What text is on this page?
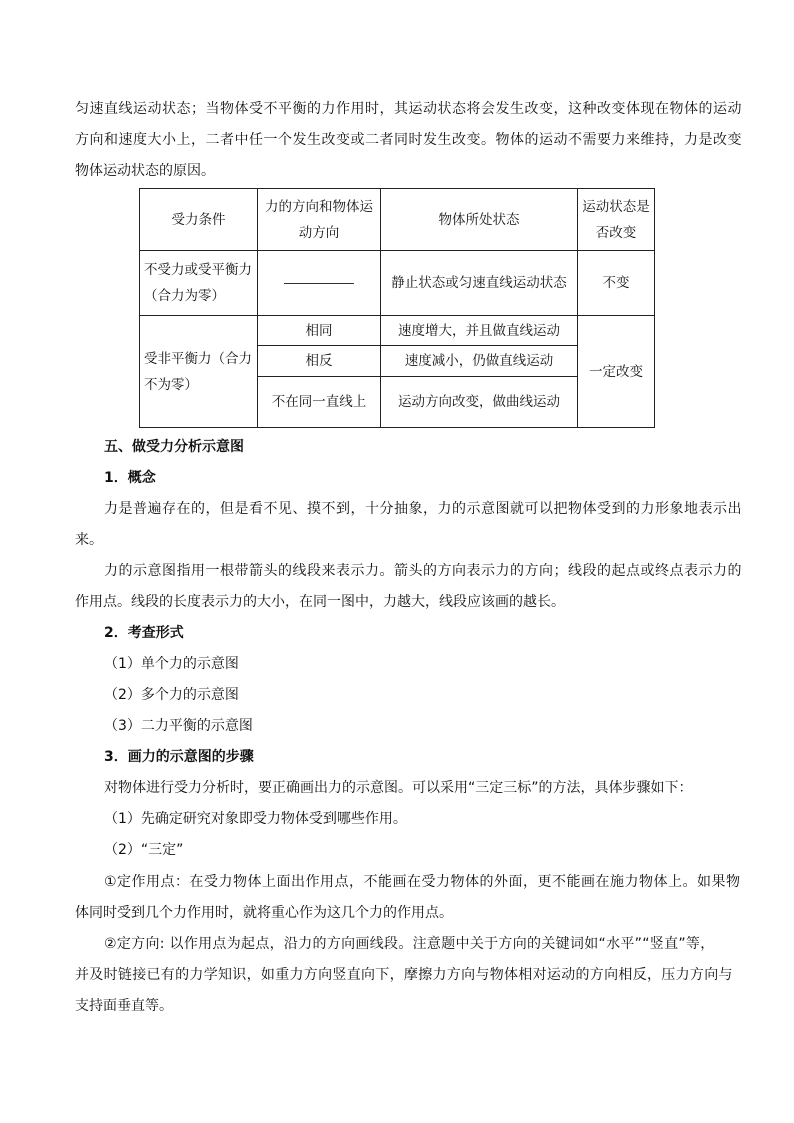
匀速直线运动状态；当物体受不平衡的力作用时，其运动状态将会发生改变，这种改变体现在物体的运动
方向和速度大小上，二者中任一个发生改变或二者同时发生改变。物体的运动不需要力来维持，力是改变
物体运动状态的原因。
受力条件	力的方向和物体运动方向	物体所处状态	运动状态是否改变
不受力或受平衡力（合力为零）		静止状态或匀速直线运动状态	不变
受非平衡力（合力不为零）	相同	速度增大，并且做直线运动	一定改变
	相反	速度减小，仍做直线运动	
	不在同一直线上	运动方向改变，做曲线运动	
五、做受力分析示意图
1．概念
力是普遍存在的，但是看不见、摸不到，十分抽象，力的示意图就可以把物体受到的力形象地表示出
来。
力的示意图指用一根带箭头的线段来表示力。箭头的方向表示力的方向；线段的起点或终点表示力的
作用点。线段的长度表示力的大小，在同一图中，力越大，线段应该画的越长。
2．考查形式
（1）单个力的示意图
（2）多个力的示意图
（3）二力平衡的示意图
3．画力的示意图的步骤
对物体进行受力分析时，要正确画出力的示意图。可以采用“三定三标”的方法，具体步骤如下：
（1）先确定研究对象即受力物体受到哪些作用。
（2）“三定”
①定作用点：在受力物体上面出作用点，不能画在受力物体的外面，更不能画在施力物体上。如果物
体同时受到几个力作用时，就将重心作为这几个力的作用点。
②定方向: 以作用点为起点，沿力的方向画线段。注意题中关于方向的关键词如“水平”“竖直”等，
并及时链接已有的力学知识，如重力方向竖直向下，摩擦力方向与物体相对运动的方向相反，压力方向与
支持面垂直等。
